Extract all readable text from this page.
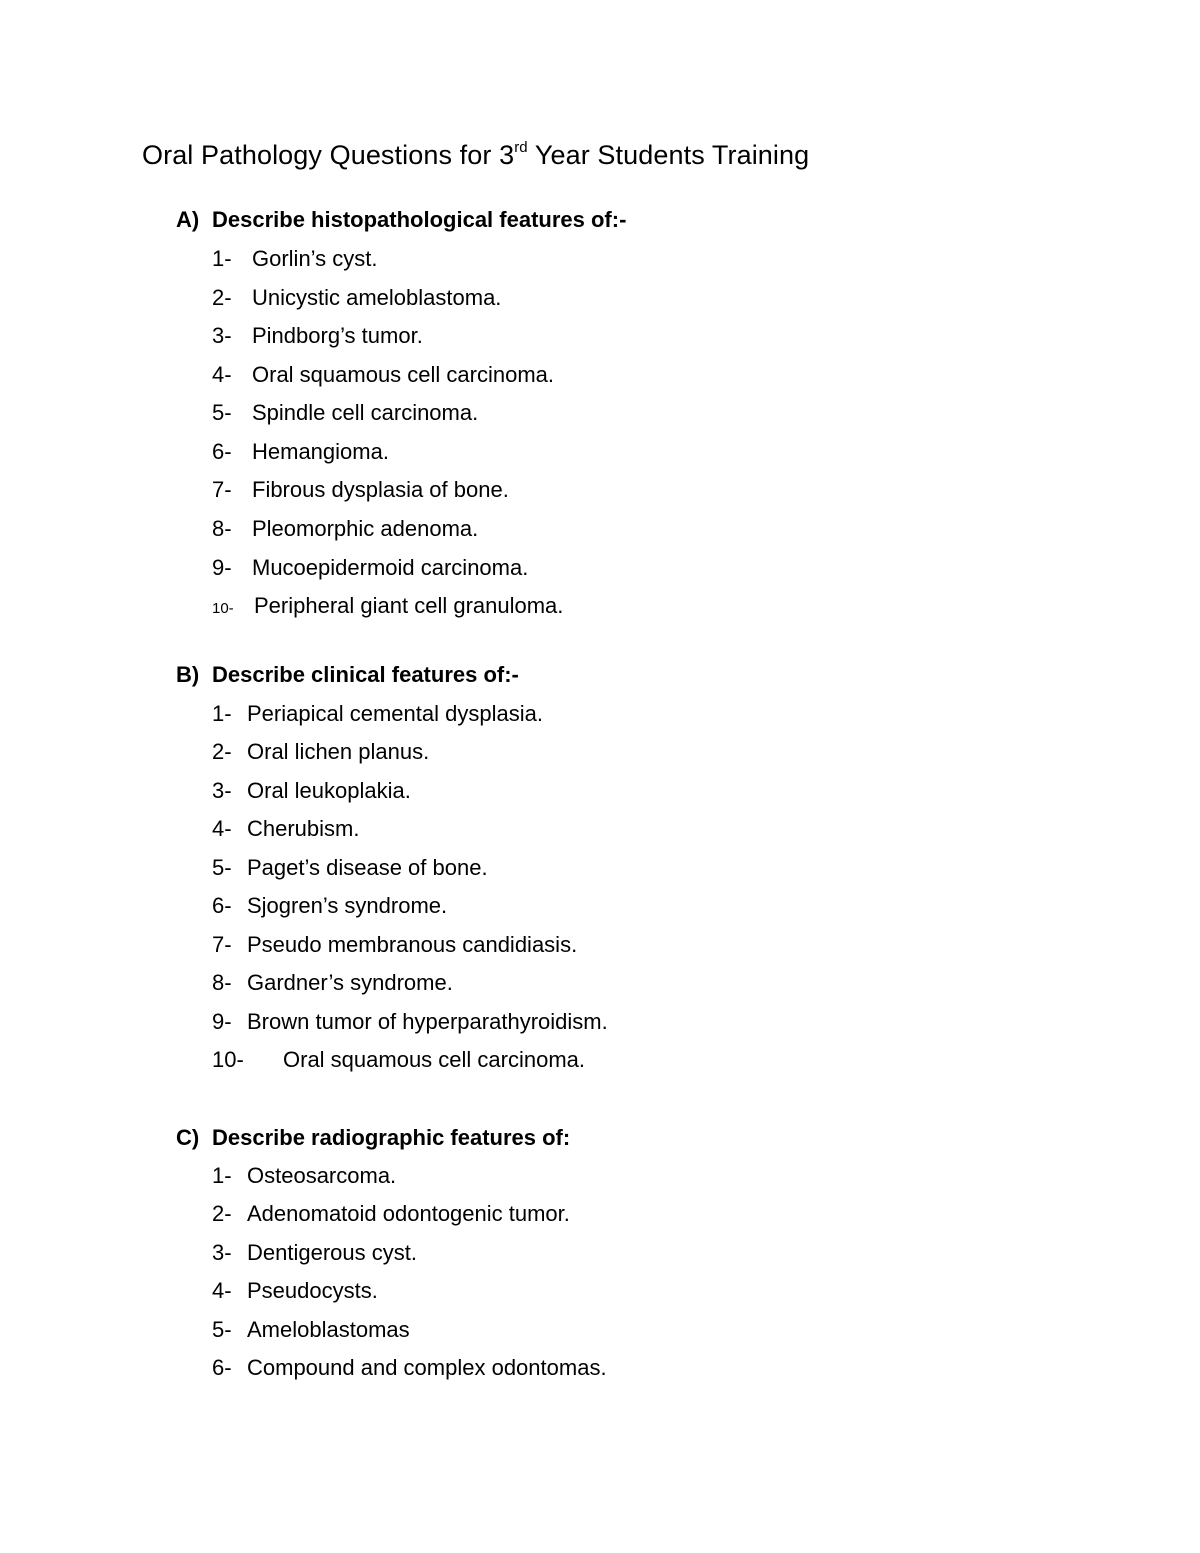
Oral Pathology Questions for 3rd Year Students Training
A) Describe histopathological features of:-
1- Gorlin’s cyst.
2- Unicystic ameloblastoma.
3- Pindborg’s tumor.
4- Oral squamous cell carcinoma.
5- Spindle cell carcinoma.
6- Hemangioma.
7- Fibrous dysplasia of bone.
8- Pleomorphic adenoma.
9- Mucoepidermoid carcinoma.
10- Peripheral giant cell granuloma.
B) Describe clinical features of:-
1- Periapical cemental dysplasia.
2- Oral lichen planus.
3- Oral leukoplakia.
4- Cherubism.
5- Paget’s disease of bone.
6- Sjogren’s syndrome.
7- Pseudo membranous candidiasis.
8- Gardner’s syndrome.
9- Brown tumor of hyperparathyroidism.
10- Oral squamous cell carcinoma.
C) Describe radiographic features of:
1- Osteosarcoma.
2- Adenomatoid odontogenic tumor.
3- Dentigerous cyst.
4- Pseudocysts.
5- Ameloblastomas
6- Compound and complex odontomas.
